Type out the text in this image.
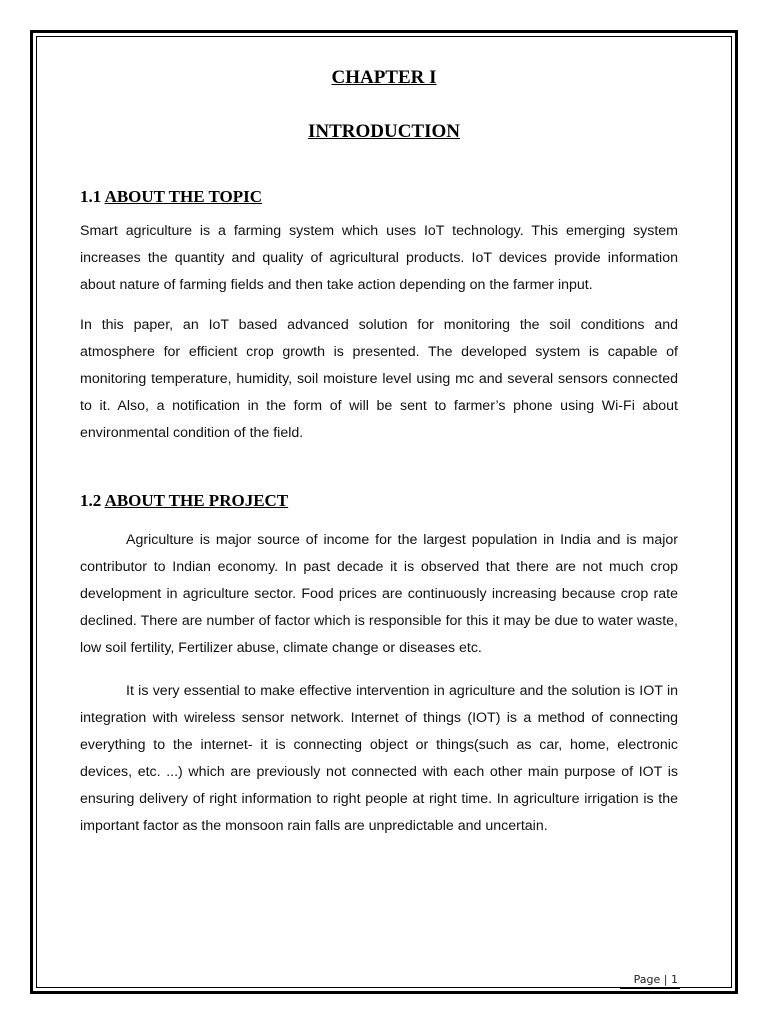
CHAPTER I
INTRODUCTION
1.1 ABOUT THE TOPIC

Smart agriculture is a farming system which uses IoT technology. This emerging system increases the quantity and quality of agricultural products. IoT devices provide information about nature of farming fields and then take action depending on the farmer input.

In this paper, an IoT based advanced solution for monitoring the soil conditions and atmosphere for efficient crop growth is presented. The developed system is capable of monitoring temperature, humidity, soil moisture level using mc and several sensors connected to it. Also, a notification in the form of will be sent to farmer’s phone using Wi-Fi about environmental condition of the field.

1.2 ABOUT THE PROJECT

Agriculture is major source of income for the largest population in India and is major contributor to Indian economy. In past decade it is observed that there are not much crop development in agriculture sector. Food prices are continuously increasing because crop rate declined. There are number of factor which is responsible for this it may be due to water waste, low soil fertility, Fertilizer abuse, climate change or diseases etc.

It is very essential to make effective intervention in agriculture and the solution is IOT in integration with wireless sensor network. Internet of things (IOT) is a method of connecting everything to the internet- it is connecting object or things(such as car, home, electronic devices, etc. ...) which are previously not connected with each other main purpose of IOT is ensuring delivery of right information to right people at right time. In agriculture irrigation is the important factor as the monsoon rain falls are unpredictable and uncertain.

Page | 1
